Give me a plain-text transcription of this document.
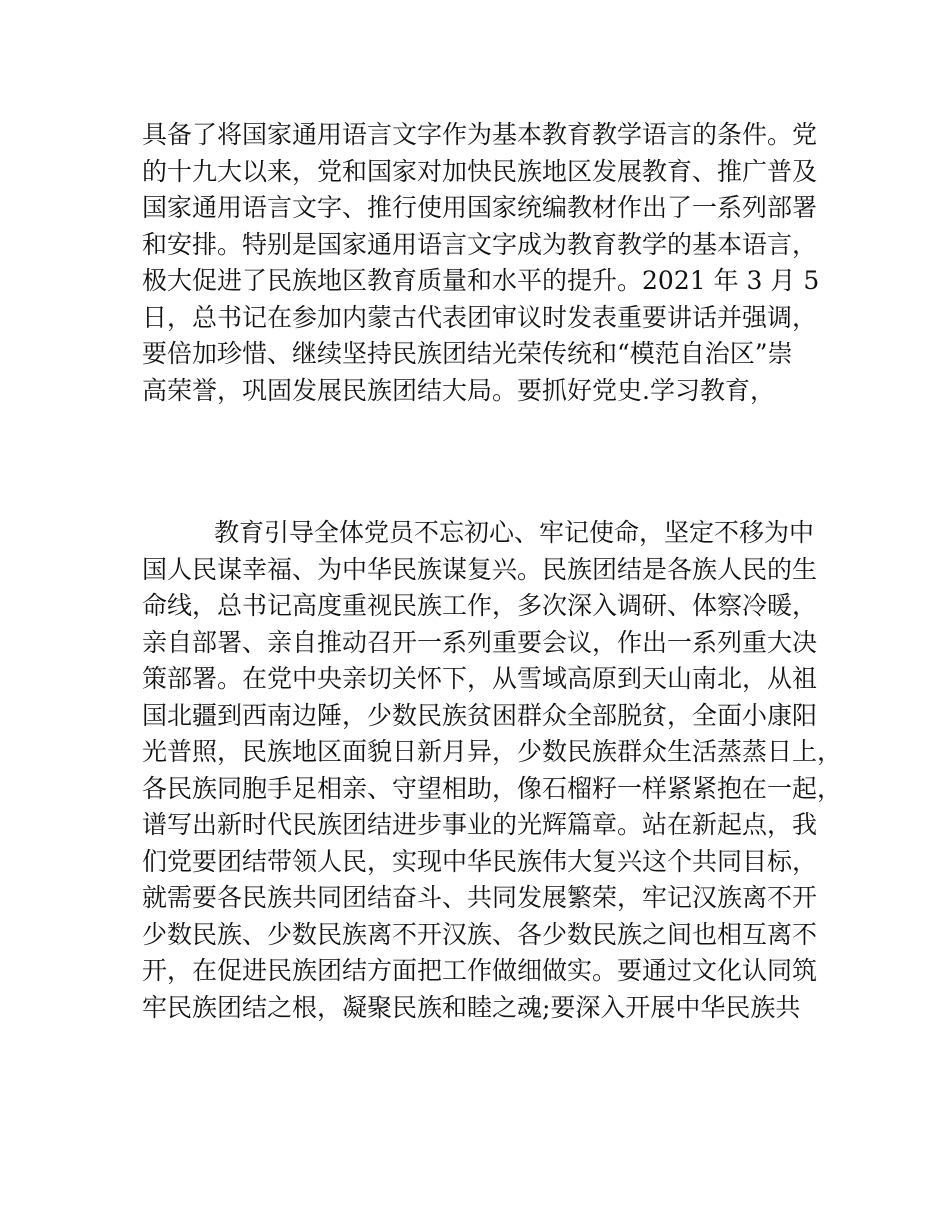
具备了将国家通用语言文字作为基本教育教学语言的条件。党
的十九大以来，党和国家对加快民族地区发展教育、推广普及
国家通用语言文字、推行使用国家统编教材作出了一系列部署
和安排。特别是国家通用语言文字成为教育教学的基本语言，
极大促进了民族地区教育质量和水平的提升。2021 年 3 月 5
日，总书记在参加内蒙古代表团审议时发表重要讲话并强调，
要倍加珍惜、继续坚持民族团结光荣传统和“模范自治区”崇
高荣誉，巩固发展民族团结大局。要抓好党史.学习教育，
教育引导全体党员不忘初心、牢记使命，坚定不移为中
国人民谋幸福、为中华民族谋复兴。民族团结是各族人民的生
命线，总书记高度重视民族工作，多次深入调研、体察冷暖，
亲自部署、亲自推动召开一系列重要会议，作出一系列重大决
策部署。在党中央亲切关怀下，从雪域高原到天山南北，从祖
国北疆到西南边陲，少数民族贫困群众全部脱贫，全面小康阳
光普照，民族地区面貌日新月异，少数民族群众生活蒸蒸日上，
各民族同胞手足相亲、守望相助，像石榴籽一样紧紧抱在一起，
谱写出新时代民族团结进步事业的光辉篇章。站在新起点，我
们党要团结带领人民，实现中华民族伟大复兴这个共同目标，
就需要各民族共同团结奋斗、共同发展繁荣，牢记汉族离不开
少数民族、少数民族离不开汉族、各少数民族之间也相互离不
开，在促进民族团结方面把工作做细做实。要通过文化认同筑
牢民族团结之根，凝聚民族和睦之魂;要深入开展中华民族共
